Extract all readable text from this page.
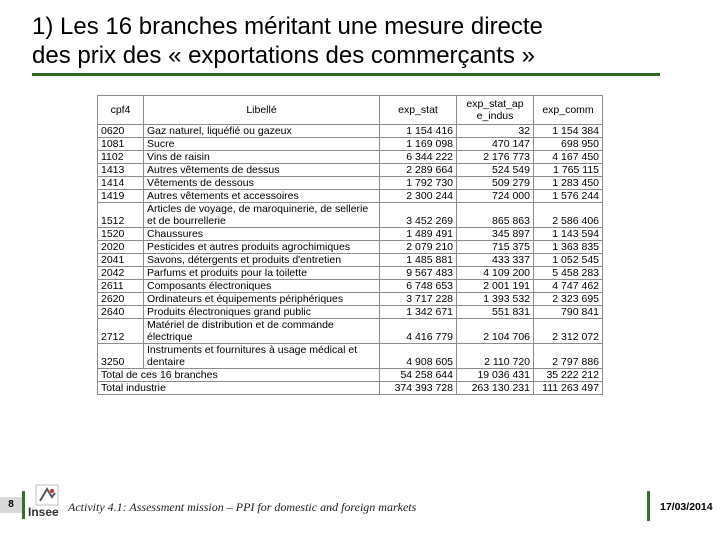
1) Les 16 branches méritant une mesure directe
des prix des « exportations des commerçants »
cpf4	Libellé	exp_stat	exp_stat_ap e_indus	exp_comm
0620	Gaz naturel, liquéfié ou gazeux	1 154 416	32	1 154 384
1081	Sucre	1 169 098	470 147	698 950
1102	Vins de raisin	6 344 222	2 176 773	4 167 450
1413	Autres vêtements de dessus	2 289 664	524 549	1 765 115
1414	Vêtements de dessous	1 792 730	509 279	1 283 450
1419	Autres vêtements et accessoires	2 300 244	724 000	1 576 244
1512	Articles de voyage, de maroquinerie, de sellerie et de bourrellerie	3 452 269	865 863	2 586 406
1520	Chaussures	1 489 491	345 897	1 143 594
2020	Pesticides et autres produits agrochimiques	2 079 210	715 375	1 363 835
2041	Savons, détergents et produits d'entretien	1 485 881	433 337	1 052 545
2042	Parfums et produits pour la toilette	9 567 483	4 109 200	5 458 283
2611	Composants électroniques	6 748 653	2 001 191	4 747 462
2620	Ordinateurs et équipements périphériques	3 717 228	1 393 532	2 323 695
2640	Produits électroniques grand public	1 342 671	551 831	790 841
2712	Matériel de distribution et de commande électrique	4 416 779	2 104 706	2 312 072
3250	Instruments et fournitures à usage médical et dentaire	4 908 605	2 110 720	2 797 886
Total de ces 16 branches		54 258 644	19 036 431	35 222 212
Total industrie		374 393 728	263 130 231	111 263 497
8
Insee Activity 4.1: Assessment mission – PPI for domestic and foreign markets	17/03/2014
